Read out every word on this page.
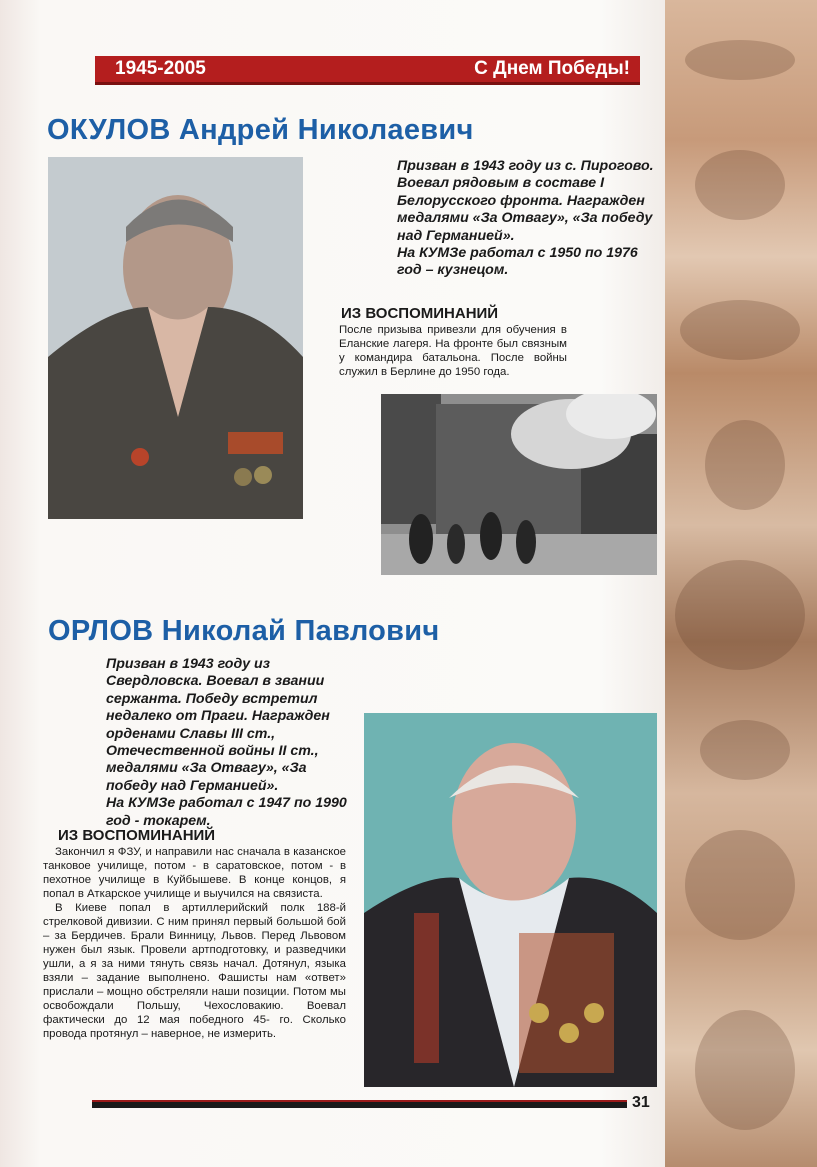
1945-2005	С Днем Победы!
ОКУЛОВ Андрей Николаевич

Призван в 1943 году из с. Пирогово. Воевал рядовым в составе I Белорусского фронта. Награжден медалями «За Отвагу», «За победу над Германией».

На КУМЗе работал с 1950 по 1976 год – кузнецом.

ИЗ ВОСПОМИНАНИЙ

После призыва привезли для обучения в Еланские лагеря. На фронте был связным у командира батальона. После войны служил в Берлине до 1950 года.

ОРЛОВ Николай Павлович

Призван в 1943 году из Свердловска. Воевал в звании сержанта. Победу встретил недалеко от Праги. Награжден орденами Славы III ст., Отечественной войны II ст., медалями «За Отвагу», «За победу над Германией».

На КУМЗе работал с 1947 по 1990 год - токарем.

ИЗ ВОСПОМИНАНИЙ

Закончил я ФЗУ, и направили нас сначала в казанское танковое училище, потом - в саратовское, потом - в пехотное училище в Куйбышеве. В конце концов, я попал в Аткарское училище и выучился на связиста.

В Киеве попал в артиллерийский полк 188-й стрелковой дивизии. С ним принял первый большой бой – за Бердичев. Брали Винницу, Львов. Перед Львовом нужен был язык. Провели артподготовку, и разведчики ушли, а я за ними тянуть связь начал. Дотянул, языка взяли – задание выполнено. Фашисты нам «ответ» прислали – мощно обстреляли наши позиции. Потом мы освобождали Польшу, Чехословакию. Воевал фактически до 12 мая победного 45- го. Сколько провода протянул – наверное, не измерить.

31
